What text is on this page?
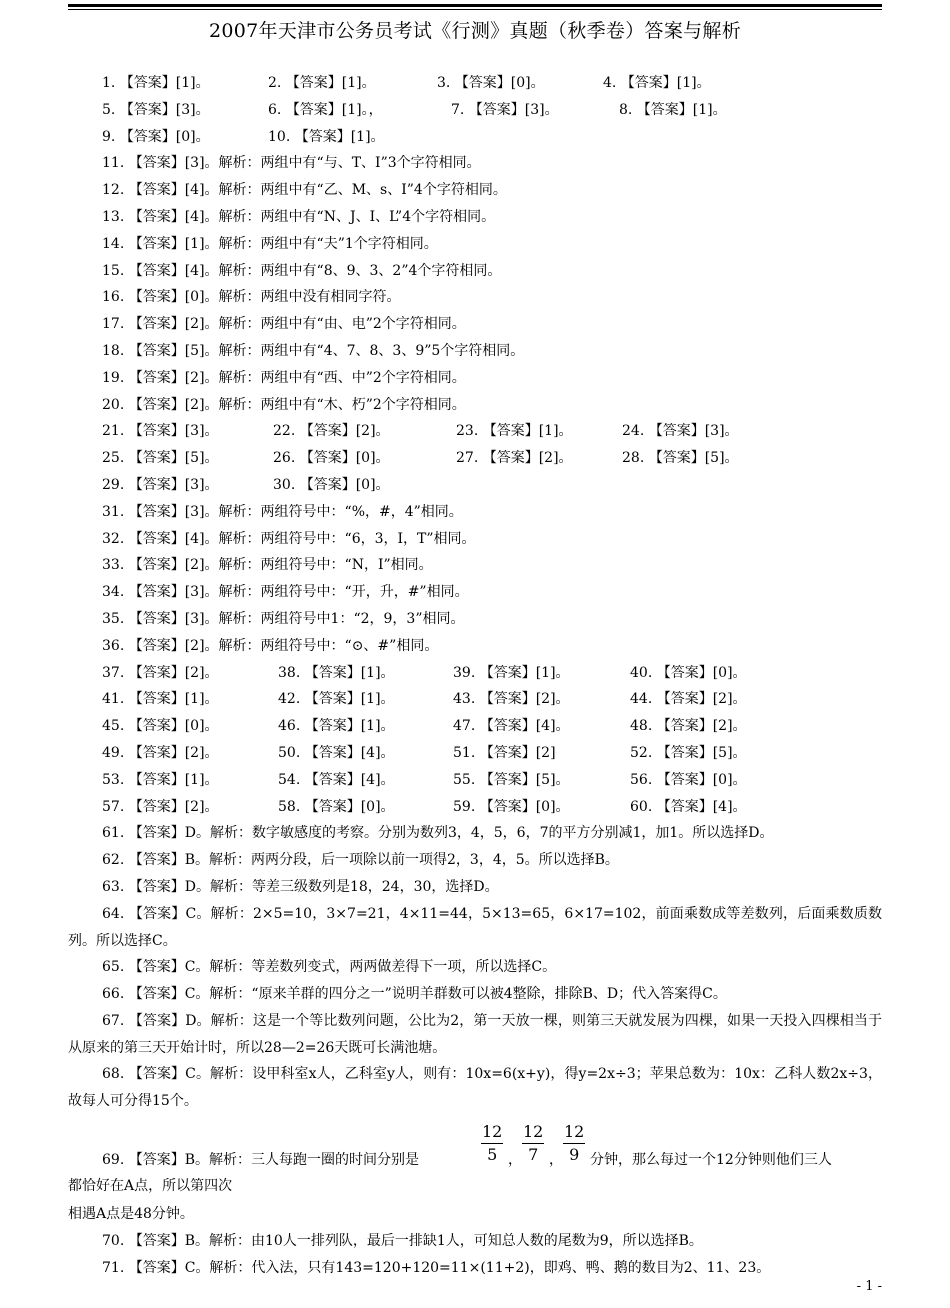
2007年天津市公务员考试《行测》真题（秋季卷）答案与解析
1. 【答案】[1]。	2. 【答案】[1]。	3. 【答案】[0]。	4. 【答案】[1]。
5. 【答案】[3]。	6. 【答案】[1]。，	7. 【答案】[3]。	8. 【答案】[1]。
9. 【答案】[0]。	10. 【答案】[1]。
11. 【答案】[3]。解析：两组中有“与、T、I”3个字符相同。
12. 【答案】[4]。解析：两组中有“乙、M、s、I”4个字符相同。
13. 【答案】[4]。解析：两组中有“N、J、I、L”4个字符相同。
14. 【答案】[1]。解析：两组中有“夫”1个字符相同。
15. 【答案】[4]。解析：两组中有“8、9、3、2”4个字符相同。
16. 【答案】[0]。解析：两组中没有相同字符。
17. 【答案】[2]。解析：两组中有“由、电”2个字符相同。
18. 【答案】[5]。解析：两组中有“4、7、8、3、9”5个字符相同。
19. 【答案】[2]。解析：两组中有“西、中”2个字符相同。
20. 【答案】[2]。解析：两组中有“木、朽”2个字符相同。
21. 【答案】[3]。	22. 【答案】[2]。	23. 【答案】[1]。	24. 【答案】[3]。
25. 【答案】[5]。	26. 【答案】[0]。	27. 【答案】[2]。	28. 【答案】[5]。
29. 【答案】[3]。	30. 【答案】[0]。
31. 【答案】[3]。解析：两组符号中：“%，#，4”相同。
32. 【答案】[4]。解析：两组符号中：“6，3，I，T”相同。
33. 【答案】[2]。解析：两组符号中：“N，I”相同。
34. 【答案】[3]。解析：两组符号中：“开，升，#”相同。
35. 【答案】[3]。解析：两组符号中1：“2，9，3”相同。
36. 【答案】[2]。解析：两组符号中：“⊙、#”相同。
37. 【答案】[2]。	38. 【答案】[1]。	39. 【答案】[1]。	40. 【答案】[0]。
41. 【答案】[1]。	42. 【答案】[1]。	43. 【答案】[2]。	44. 【答案】[2]。
45. 【答案】[0]。	46. 【答案】[1]。	47. 【答案】[4]。	48. 【答案】[2]。
49. 【答案】[2]。	50. 【答案】[4]。	51. 【答案】[2]	52. 【答案】[5]。
53. 【答案】[1]。	54. 【答案】[4]。	55. 【答案】[5]。	56. 【答案】[0]。
57. 【答案】[2]。	58. 【答案】[0]。	59. 【答案】[0]。	60. 【答案】[4]。
61. 【答案】D。解析：数字敏感度的考察。分别为数列3，4，5，6，7的平方分别减1，加1。所以选择D。
62. 【答案】B。解析：两两分段，后一项除以前一项得2，3，4，5。所以选择B。
63. 【答案】D。解析：等差三级数列是18，24，30，选择D。
64. 【答案】C。解析：2×5=10，3×7=21，4×11=44，5×13=65，6×17=102，前面乘数成等差数列，后面乘数质数列。所以选择C。
65. 【答案】C。解析：等差数列变式，两两做差得下一项，所以选择C。
66. 【答案】C。解析：“原来羊群的四分之一”说明羊群数可以被4整除，排除B、D；代入答案得C。
67. 【答案】D。解析：这是一个等比数列问题，公比为2，第一天放一棵，则第三天就发展为四棵，如果一天投入四棵相当于从原来的第三天开始计时，所以28—2=26天既可长满池塘。
68. 【答案】C。解析：设甲科室x人，乙科室y人，则有：10x=6(x+y)，得y=2x÷3；苹果总数为：10x：乙科人数2x÷3，故每人可分得15个。
$\frac{12}{5}$ ， $\frac{12}{7}$ ， $\frac{12}{9}$
69. 【答案】B。解析：三人每跑一圈的时间分别是	分钟，那么每过一个12分钟则他们三人
都恰好在A点，所以第四次
相遇A点是48分钟。
70. 【答案】B。解析：由10人一排列队，最后一排缺1人，可知总人数的尾数为9，所以选择B。
71. 【答案】C。解析：代入法，只有143=120+120=11×(11+2)，即鸡、鸭、鹅的数目为2、11、23。
- 1 -
